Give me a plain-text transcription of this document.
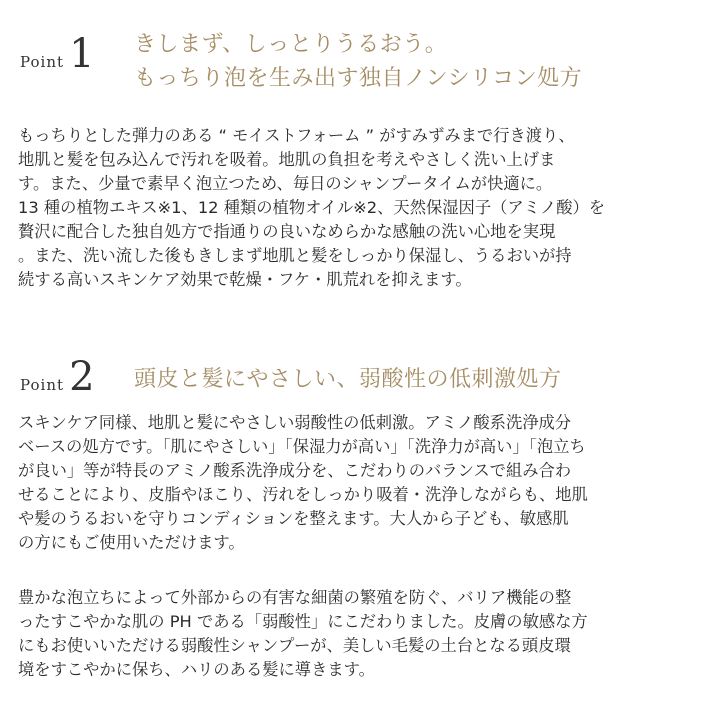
Point 1 きしまず、しっとりうるおう。
もっちり泡を生み出す独自ノンシリコン処方

もっちりとした弾力のある “ モイストフォーム ” がすみずみまで行き渡り、
地肌と髪を包み込んで汚れを吸着。地肌の負担を考えやさしく洗い上げま
す。また、少量で素早く泡立つため、毎日のシャンプータイムが快適に。
13 種の植物エキス※1、12 種類の植物オイル※2、天然保湿因子（アミノ酸）を
贅沢に配合した独自処方で指通りの良いなめらかな感触の洗い心地を実現
。また、洗い流した後もきしまず地肌と髪をしっかり保湿し、うるおいが持
続する高いスキンケア効果で乾燥・フケ・肌荒れを抑えます。

Point 2 頭皮と髪にやさしい、弱酸性の低刺激処方

スキンケア同様、地肌と髪にやさしい弱酸性の低刺激。アミノ酸系洗浄成分
ベースの処方です。「肌にやさしい」「保湿力が高い」「洗浄力が高い」「泡立ち
が良い」等が特長のアミノ酸系洗浄成分を、こだわりのバランスで組み合わ
せることにより、皮脂やほこり、汚れをしっかり吸着・洗浄しながらも、地肌
や髪のうるおいを守りコンディションを整えます。大人から子ども、敏感肌
の方にもご使用いただけます。

豊かな泡立ちによって外部からの有害な細菌の繁殖を防ぐ、バリア機能の整
ったすこやかな肌の PH である「弱酸性」にこだわりました。皮膚の敏感な方
にもお使いいただける弱酸性シャンプーが、美しい毛髪の土台となる頭皮環
境をすこやかに保ち、ハリのある髪に導きます。
